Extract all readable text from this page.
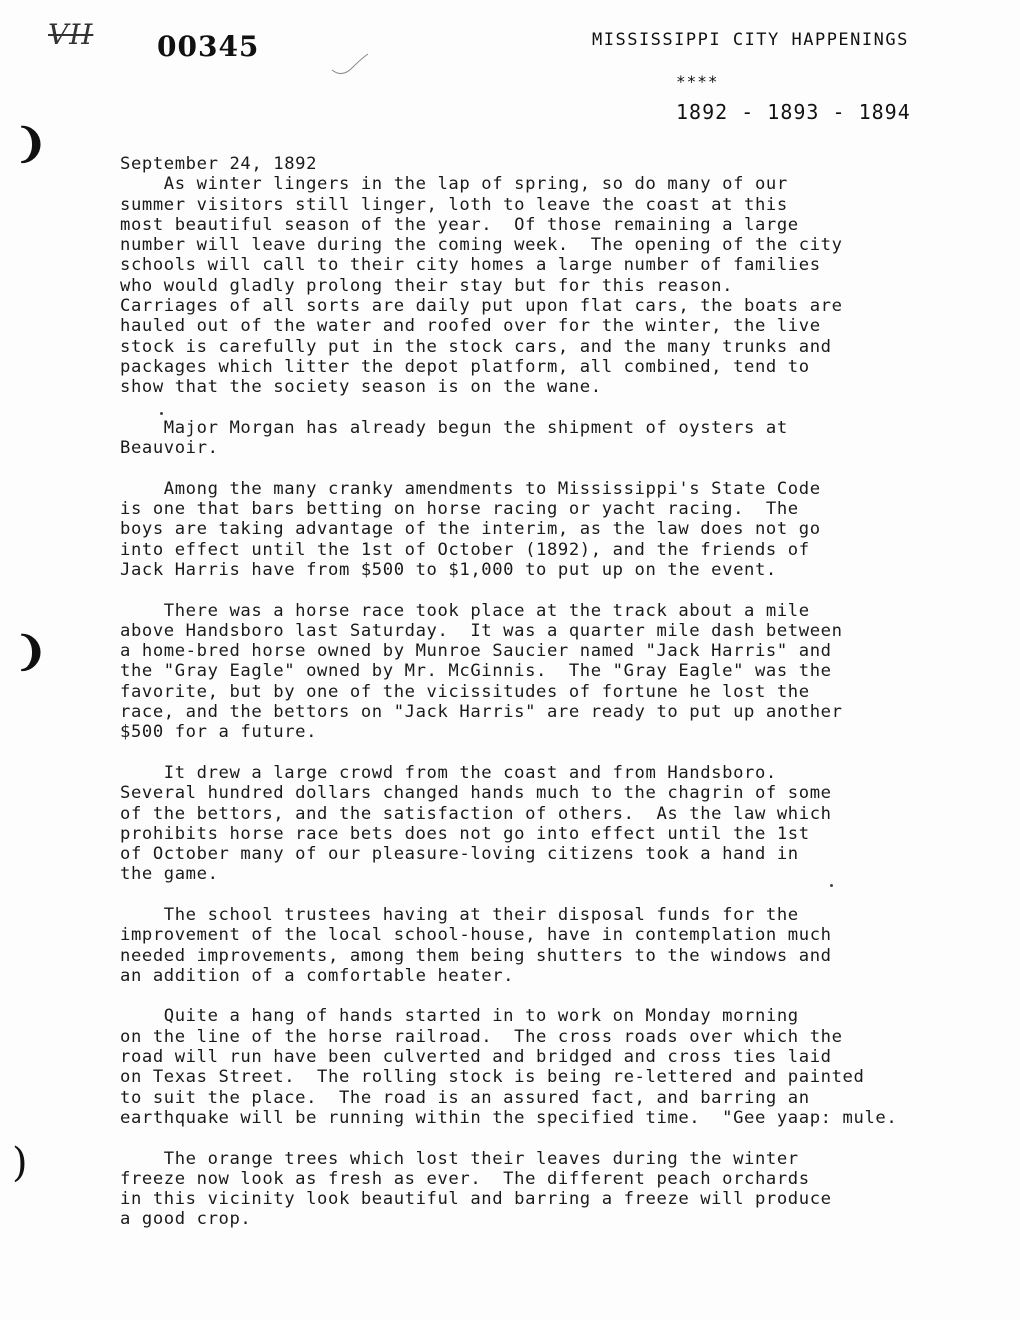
VII 00345	MISSISSIPPI CITY HAPPENINGS
****
1892 - 1893 - 1894
❩
❩
)

September 24, 1892

As winter lingers in the lap of spring, so do many of our
summer visitors still linger, loth to leave the coast at this
most beautiful season of the year.  Of those remaining a large
number will leave during the coming week.  The opening of the city
schools will call to their city homes a large number of families
who would gladly prolong their stay but for this reason.
Carriages of all sorts are daily put upon flat cars, the boats are
hauled out of the water and roofed over for the winter, the live
stock is carefully put in the stock cars, and the many trunks and
packages which litter the depot platform, all combined, tend to
show that the society season is on the wane.
Major Morgan has already begun the shipment of oysters at
Beauvoir.
Among the many cranky amendments to Mississippi's State Code
is one that bars betting on horse racing or yacht racing.  The
boys are taking advantage of the interim, as the law does not go
into effect until the 1st of October (1892), and the friends of
Jack Harris have from $500 to $1,000 to put up on the event.
There was a horse race took place at the track about a mile
above Handsboro last Saturday.  It was a quarter mile dash between
a home-bred horse owned by Munroe Saucier named "Jack Harris" and
the "Gray Eagle" owned by Mr. McGinnis.  The "Gray Eagle" was the
favorite, but by one of the vicissitudes of fortune he lost the
race, and the bettors on "Jack Harris" are ready to put up another
$500 for a future.
It drew a large crowd from the coast and from Handsboro.
Several hundred dollars changed hands much to the chagrin of some
of the bettors, and the satisfaction of others.  As the law which
prohibits horse race bets does not go into effect until the 1st
of October many of our pleasure-loving citizens took a hand in
the game.
The school trustees having at their disposal funds for the
improvement of the local school-house, have in contemplation much
needed improvements, among them being shutters to the windows and
an addition of a comfortable heater.
Quite a hang of hands started in to work on Monday morning
on the line of the horse railroad.  The cross roads over which the
road will run have been culverted and bridged and cross ties laid
on Texas Street.  The rolling stock is being re-lettered and painted
to suit the place.  The road is an assured fact, and barring an
earthquake will be running within the specified time.  "Gee yaap: mule.
The orange trees which lost their leaves during the winter
freeze now look as fresh as ever.  The different peach orchards
in this vicinity look beautiful and barring a freeze will produce
a good crop.
